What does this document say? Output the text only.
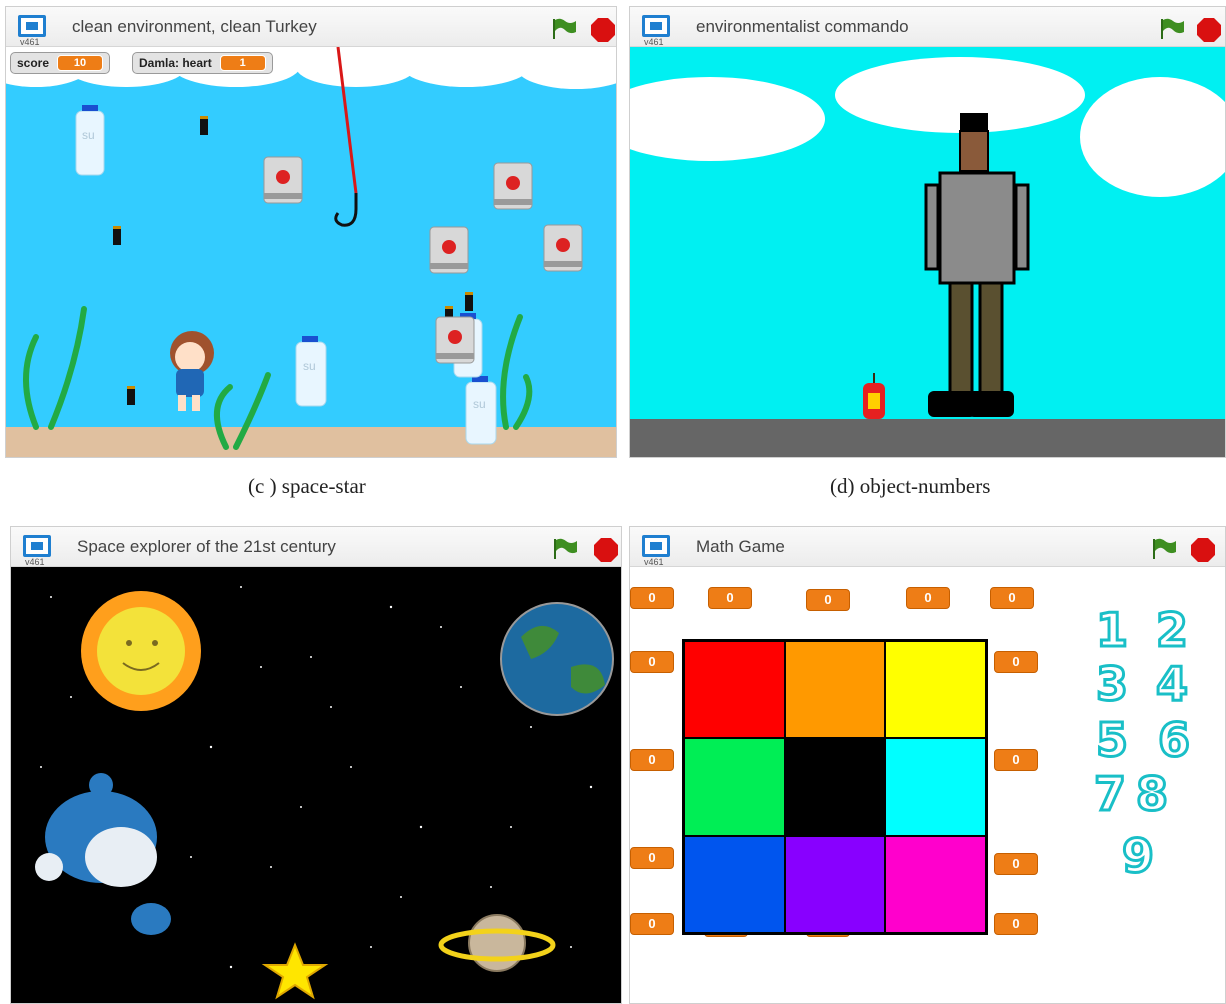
v461
clean environment, clean Turkey
su
su
su
score	10	Damla: heart	1
v461
environmentalist commando
(c ) space-star	(d) object-numbers
v461
Space explorer of the 21st century
v461
Math Game
0	0	0	0	0
0
0
0
0
0
0
0	0
1 2
3 4
5 6
7 8
9
